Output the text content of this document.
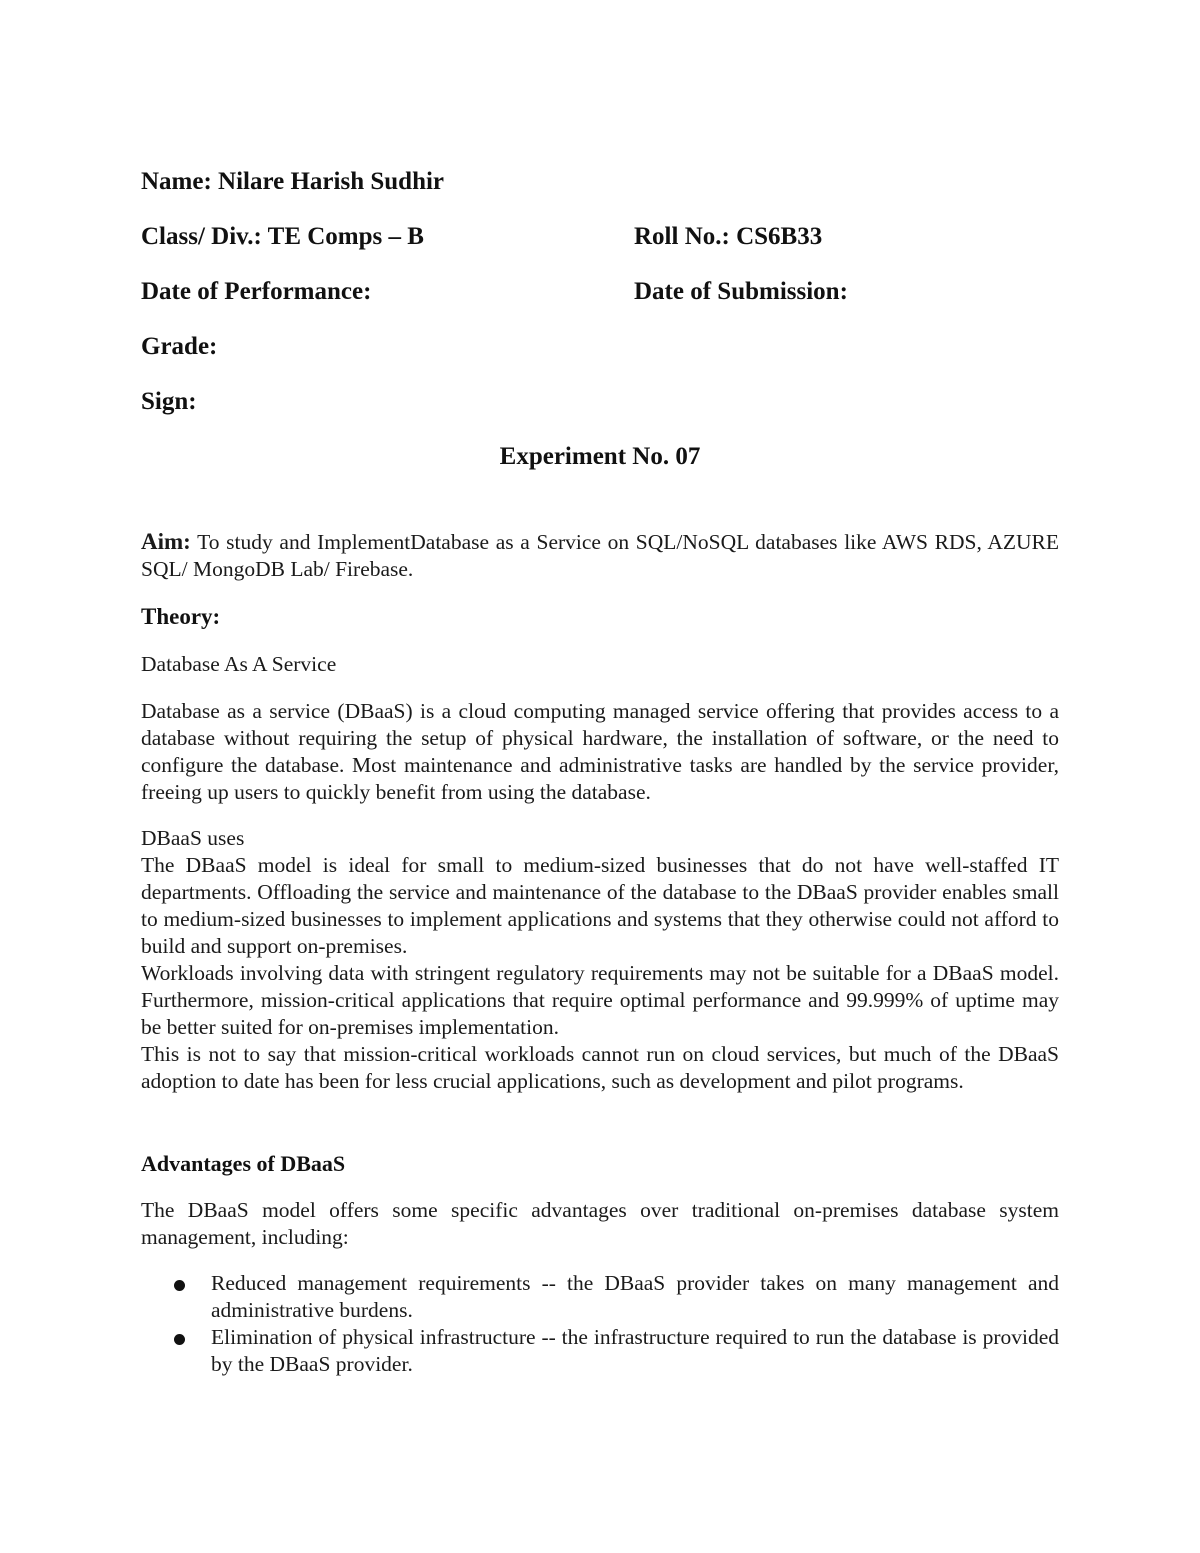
Name: Nilare Harish Sudhir
Class/ Div.: TE Comps – B	Roll No.: CS6B33
Date of Performance:	Date of Submission:
Grade:
Sign:
Experiment No. 07
Aim: To study and ImplementDatabase as a Service on SQL/NoSQL databases like AWS RDS, AZURE SQL/ MongoDB Lab/ Firebase.
Theory:
Database As A Service
Database as a service (DBaaS) is a cloud computing managed service offering that provides access to a database without requiring the setup of physical hardware, the installation of software, or the need to configure the database. Most maintenance and administrative tasks are handled by the service provider, freeing up users to quickly benefit from using the database.

DBaaS uses

The DBaaS model is ideal for small to medium-sized businesses that do not have well-staffed IT departments. Offloading the service and maintenance of the database to the DBaaS provider enables small to medium-sized businesses to implement applications and systems that they otherwise could not afford to build and support on-premises.

Workloads involving data with stringent regulatory requirements may not be suitable for a DBaaS model. Furthermore, mission-critical applications that require optimal performance and 99.999% of uptime may be better suited for on-premises implementation.

This is not to say that mission-critical workloads cannot run on cloud services, but much of the DBaaS adoption to date has been for less crucial applications, such as development and pilot programs.

Advantages of DBaaS
The DBaaS model offers some specific advantages over traditional on-premises database system management, including:
Reduced management requirements -- the DBaaS provider takes on many management and administrative burdens.
Elimination of physical infrastructure -- the infrastructure required to run the database is provided by the DBaaS provider.
